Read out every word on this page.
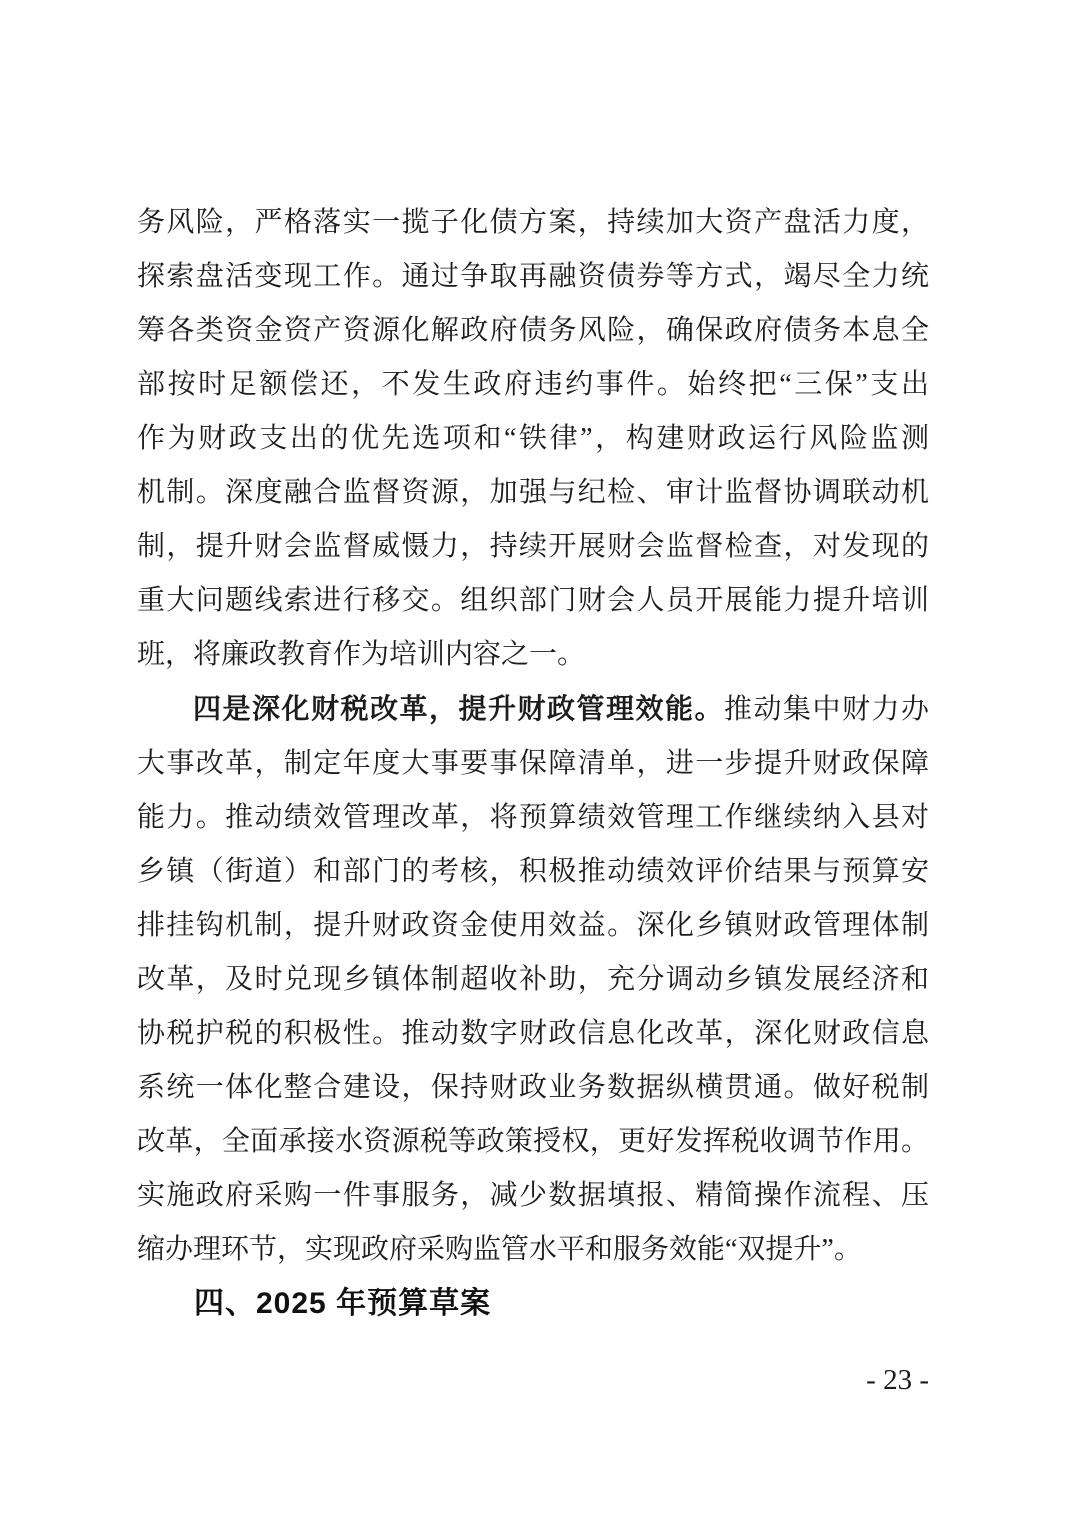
务风险，严格落实一揽子化债方案，持续加大资产盘活力度，
探索盘活变现工作。通过争取再融资债券等方式，竭尽全力统
筹各类资金资产资源化解政府债务风险，确保政府债务本息全
部按时足额偿还，不发生政府违约事件。始终把“三保”支出
作为财政支出的优先选项和“铁律”，构建财政运行风险监测
机制。深度融合监督资源，加强与纪检、审计监督协调联动机
制，提升财会监督威慑力，持续开展财会监督检查，对发现的
重大问题线索进行移交。组织部门财会人员开展能力提升培训
班，将廉政教育作为培训内容之一。
四是深化财税改革，提升财政管理效能。推动集中财力办
大事改革，制定年度大事要事保障清单，进一步提升财政保障
能力。推动绩效管理改革，将预算绩效管理工作继续纳入县对
乡镇（街道）和部门的考核，积极推动绩效评价结果与预算安
排挂钩机制，提升财政资金使用效益。深化乡镇财政管理体制
改革，及时兑现乡镇体制超收补助，充分调动乡镇发展经济和
协税护税的积极性。推动数字财政信息化改革，深化财政信息
系统一体化整合建设，保持财政业务数据纵横贯通。做好税制
改革，全面承接水资源税等政策授权，更好发挥税收调节作用。
实施政府采购一件事服务，减少数据填报、精简操作流程、压
缩办理环节，实现政府采购监管水平和服务效能“双提升”。
四、2025 年预算草案
- 23 -
